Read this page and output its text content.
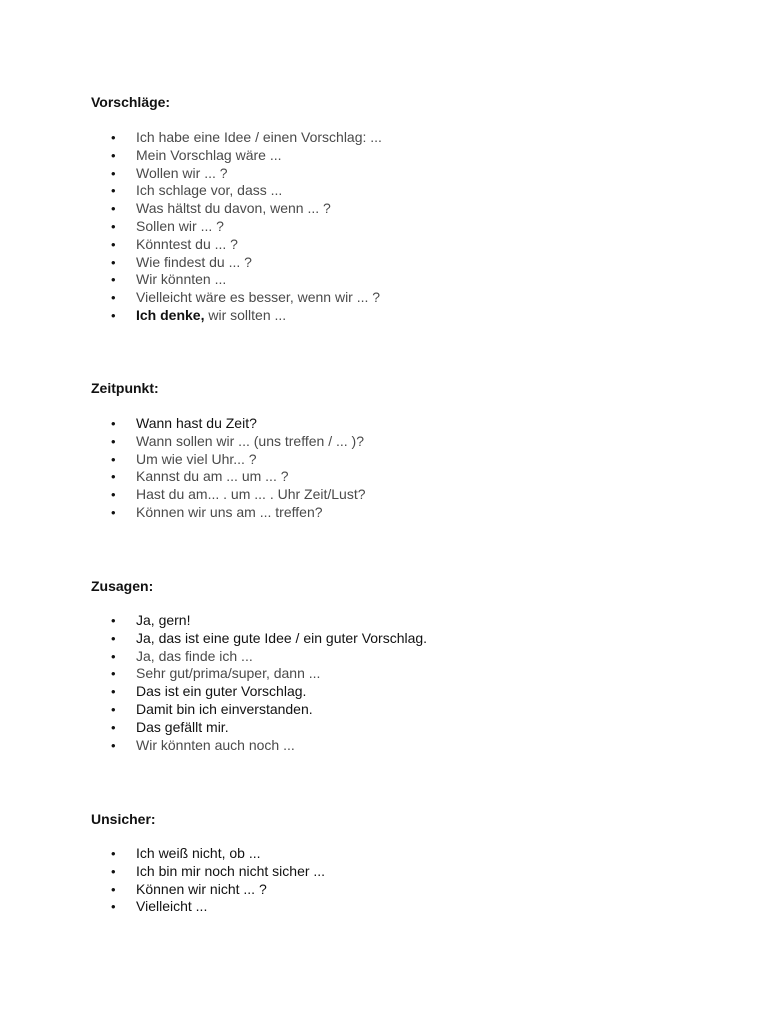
Vorschläge:
• Ich habe eine Idee / einen Vorschlag: ...
• Mein Vorschlag wäre ...
• Wollen wir ... ?
• Ich schlage vor, dass ...
• Was hältst du davon, wenn ... ?
• Sollen wir ... ?
• Könntest du ... ?
• Wie findest du ... ?
• Wir könnten ...
• Vielleicht wäre es besser, wenn wir ... ?
• Ich denke, wir sollten ...
Zeitpunkt:
• Wann hast du Zeit?
• Wann sollen wir ... (uns treffen / ... )?
• Um wie viel Uhr... ?
• Kannst du am ... um ... ?
• Hast du am... . um ... . Uhr Zeit/Lust?
• Können wir uns am ... treffen?
Zusagen:
• Ja, gern!
• Ja, das ist eine gute Idee / ein guter Vorschlag.
• Ja, das finde ich ...
• Sehr gut/prima/super, dann ...
• Das ist ein guter Vorschlag.
• Damit bin ich einverstanden.
• Das gefällt mir.
• Wir könnten auch noch ...
Unsicher:
• Ich weiß nicht, ob ...
• Ich bin mir noch nicht sicher ...
• Können wir nicht ... ?
• Vielleicht ...
